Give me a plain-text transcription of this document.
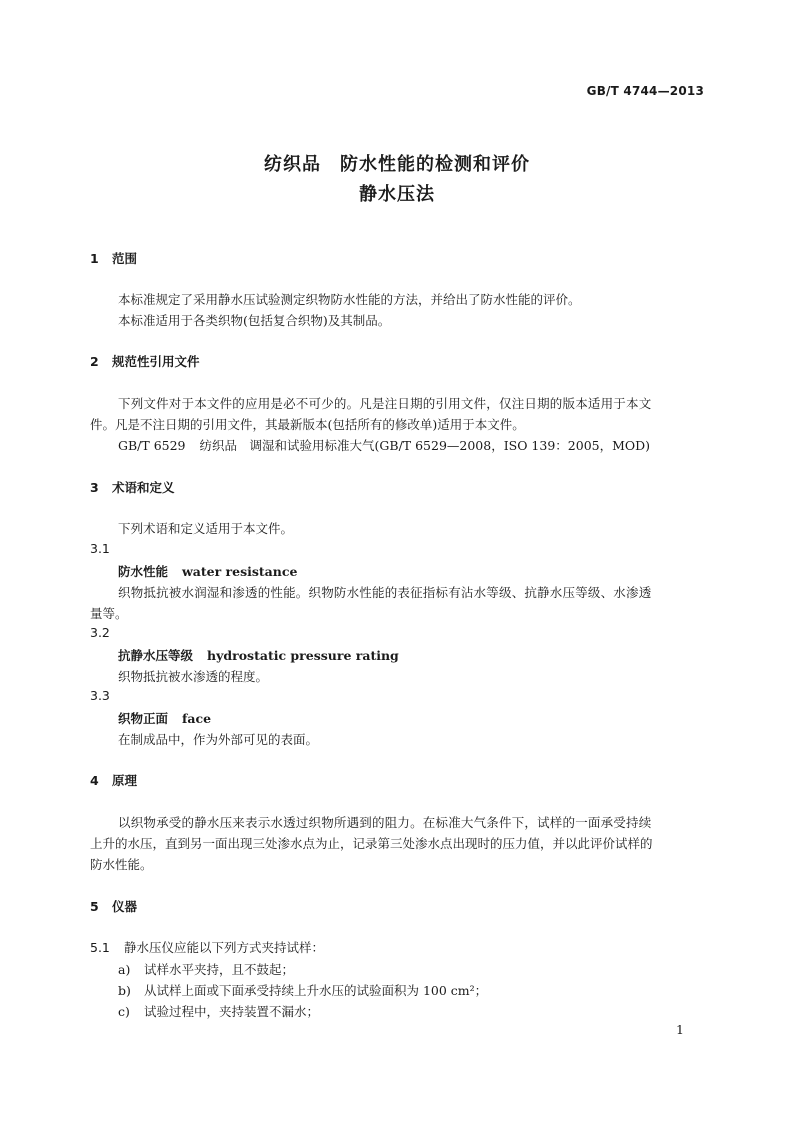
GB/T 4744—2013
纺织品　防水性能的检测和评价
静水压法
1 范围
本标准规定了采用静水压试验测定织物防水性能的方法，并给出了防水性能的评价。
本标准适用于各类织物(包括复合织物)及其制品。
2 规范性引用文件
下列文件对于本文件的应用是必不可少的。凡是注日期的引用文件，仅注日期的版本适用于本文
件。凡是不注日期的引用文件，其最新版本(包括所有的修改单)适用于本文件。
GB/T 6529 纺织品　调湿和试验用标准大气(GB/T 6529—2008，ISO 139：2005，MOD)
3 术语和定义
下列术语和定义适用于本文件。
3.1
防水性能 water resistance
织物抵抗被水润湿和渗透的性能。织物防水性能的表征指标有沾水等级、抗静水压等级、水渗透
量等。
3.2
抗静水压等级 hydrostatic pressure rating
织物抵抗被水渗透的程度。
3.3
织物正面 face
在制成品中，作为外部可见的表面。
4 原理
以织物承受的静水压来表示水透过织物所遇到的阻力。在标准大气条件下，试样的一面承受持续
上升的水压，直到另一面出现三处渗水点为止，记录第三处渗水点出现时的压力值，并以此评价试样的
防水性能。
5 仪器
5.1 静水压仪应能以下列方式夹持试样：
a) 试样水平夹持，且不鼓起；
b) 从试样上面或下面承受持续上升水压的试验面积为 100 cm²；
c) 试验过程中，夹持装置不漏水；
1
